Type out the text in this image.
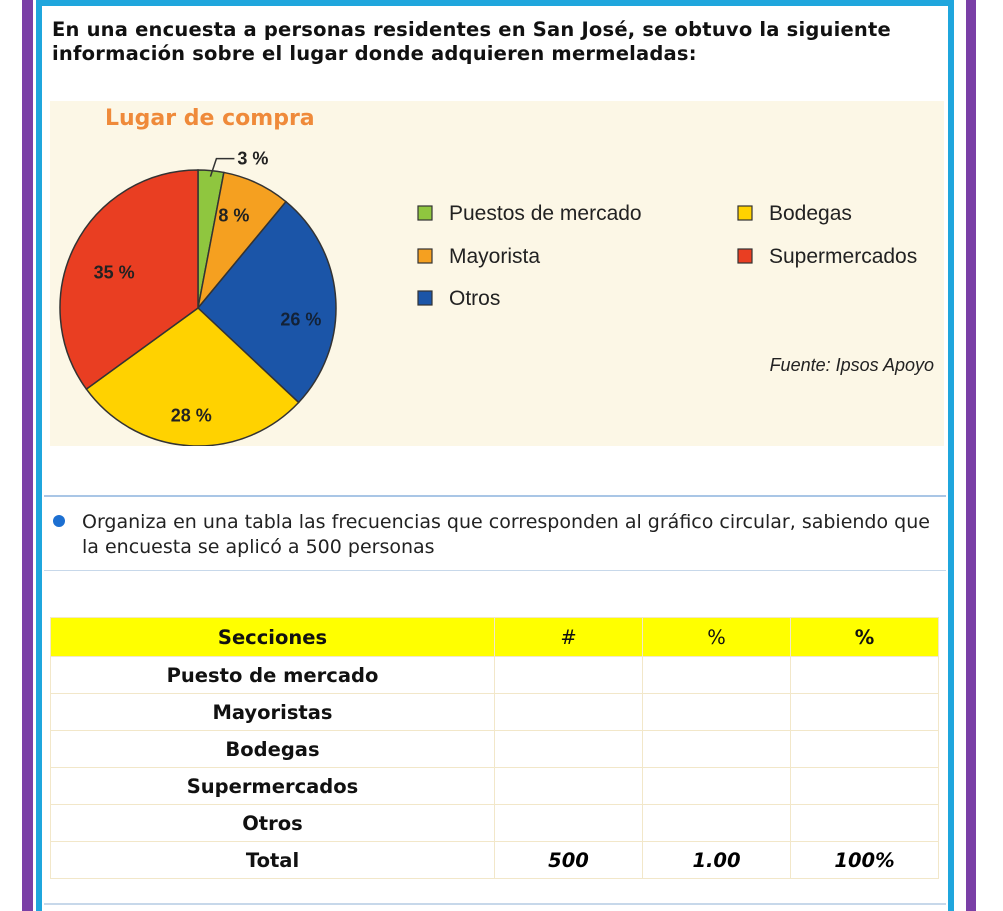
En una encuesta a personas residentes en San José, se obtuvo la siguiente información sobre el lugar donde adquieren mermeladas:
Lugar de compra
3 %
8 %
26 %
28 %
35 %
Puestos de mercado	Bodegas
Mayorista	Supermercados
Otros
Fuente: Ipsos Apoyo
Organiza en una tabla las frecuencias que corresponden al gráfico circular, sabiendo que la encuesta se aplicó a 500 personas
Secciones	#	%	%
Puesto de mercado			
Mayoristas			
Bodegas			
Supermercados			
Otros			
Total	500	1.00	100%
